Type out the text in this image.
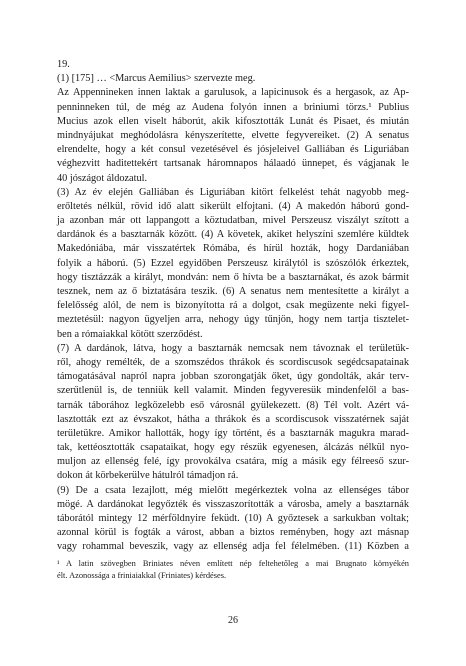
19.
(1) [175] … <Marcus Aemilius> szervezte meg.
Az Appennineken innen laktak a garulusok, a lapicinusok és a hergasok, az Ap-
penninneken túl, de még az Audena folyón innen a briniumi törzs.¹ Publius
Mucius azok ellen viselt háborút, akik kifosztották Lunát és Pisaet, és miután
mindnyájukat meghódolásra kényszerítette, elvette fegyvereiket. (2) A senatus
elrendelte, hogy a két consul vezetésével és jósjeleivel Galliában és Liguriában
véghezvitt haditettekért tartsanak háromnapos hálaadó ünnepet, és vágjanak le
40 jószágot áldozatul.
(3) Az év elején Galliában és Liguriában kitört felkelést tehát nagyobb meg-
erőltetés nélkül, rövid idő alatt sikerült elfojtani. (4) A makedón háború gond-
ja azonban már ott lappangott a köztudatban, mivel Perszeusz viszályt szított a
dardánok és a basztarnák között. (4) A követek, akiket helyszíni szemlére küldtek
Makedóniába, már visszatértek Rómába, és hírül hozták, hogy Dardaniában
folyik a háború. (5) Ezzel egyidőben Perszeusz királytól is szószólók érkeztek,
hogy tisztázzák a királyt, mondván: nem ő hívta be a basztarnákat, és azok bármit
tesznek, nem az ő biztatására teszik. (6) A senatus nem mentesítette a királyt a
felelősség alól, de nem is bizonyította rá a dolgot, csak megüzente neki figyel-
meztetésül: nagyon ügyeljen arra, nehogy úgy tűnjön, hogy nem tartja tisztelet-
ben a rómaiakkal kötött szerződést.
(7) A dardánok, látva, hogy a basztarnák nemcsak nem távoznak el területük-
ről, ahogy remélték, de a szomszédos thrákok és scordiscusok segédcsapatainak
támogatásával napról napra jobban szorongatják őket, úgy gondolták, akár terv-
szerűtlenül is, de tenniük kell valamit. Minden fegyveresük mindenfelől a bas-
tarnák táborához legközelebb eső városnál gyülekezett. (8) Tél volt. Azért vá-
lasztották ezt az évszakot, hátha a thrákok és a scordiscusok visszatérnek saját
területükre. Amikor hallották, hogy így történt, és a basztarnák magukra marad-
tak, kettéosztották csapataikat, hogy egy részük egyenesen, álcázás nélkül nyo-
muljon az ellenség felé, így provokálva csatára, míg a másik egy félreeső szur-
dokon át körbekerülve hátulról támadjon rá.
(9) De a csata lezajlott, még mielőtt megérkeztek volna az ellenséges tábor
mögé. A dardánokat legyőzték és visszaszorították a városba, amely a basztarnák
táborától mintegy 12 mérföldnyire feküdt. (10) A győztesek a sarkukban voltak;
azonnal körül is fogták a várost, abban a biztos reményben, hogy azt másnap
vagy rohammal beveszik, vagy az ellenség adja fel félelmében. (11) Közben a
¹ A latin szövegben Briniates néven említett nép feltehetőleg a mai Brugnato környékén
élt. Azonossága a friniaiakkal (Friniates) kérdéses.
26
